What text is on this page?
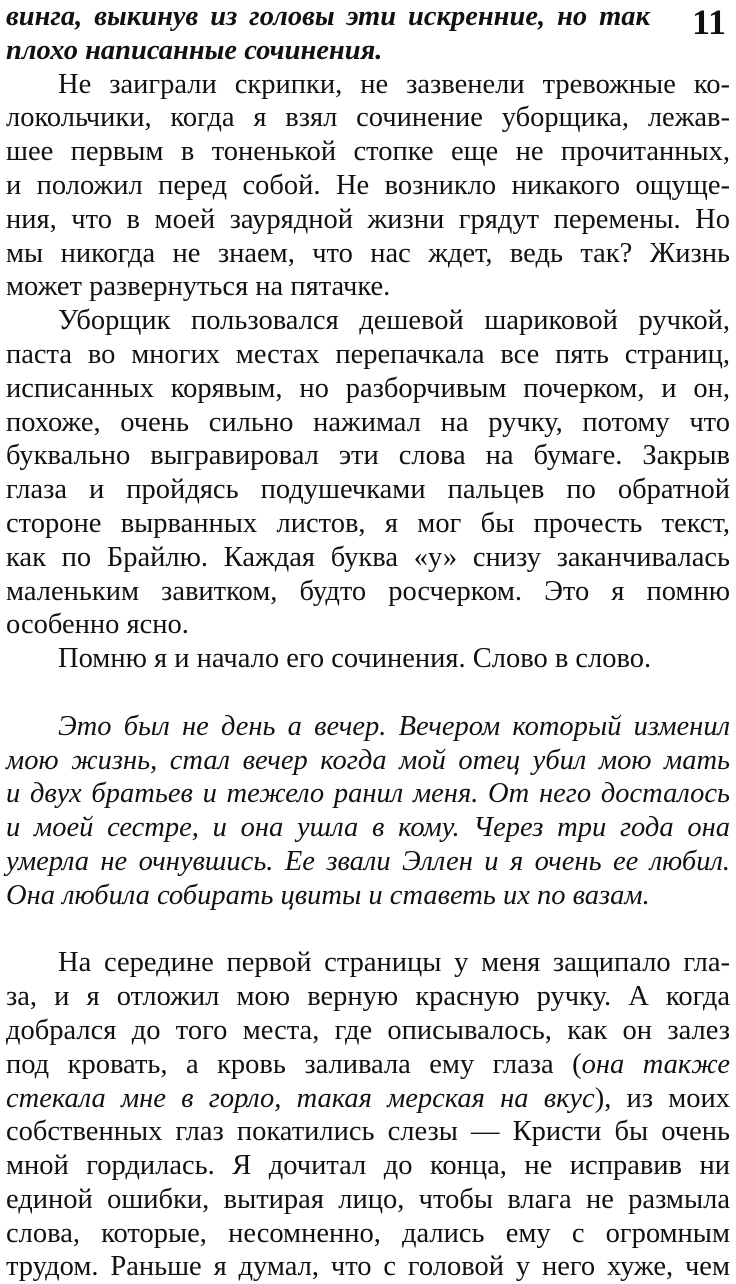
11
винга, выкинув из головы эти искренние, но так
плохо написанные сочинения.
Не заиграли скрипки, не зазвенели тревожные ко-
локольчики, когда я взял сочинение уборщика, лежав-
шее первым в тоненькой стопке еще не прочитанных,
и положил перед собой. Не возникло никакого ощуще-
ния, что в моей заурядной жизни грядут перемены. Но
мы никогда не знаем, что нас ждет, ведь так? Жизнь
может развернуться на пятачке.
Уборщик пользовался дешевой шариковой ручкой,
паста во многих местах перепачкала все пять страниц,
исписанных корявым, но разборчивым почерком, и он,
похоже, очень сильно нажимал на ручку, потому что
буквально выгравировал эти слова на бумаге. Закрыв
глаза и пройдясь подушечками пальцев по обратной
стороне вырванных листов, я мог бы прочесть текст,
как по Брайлю. Каждая буква «у» снизу заканчивалась
маленьким завитком, будто росчерком. Это я помню
особенно ясно.
Помню я и начало его сочинения. Слово в слово.
Это был не день а вечер. Вечером который изменил
мою жизнь, стал вечер когда мой отец убил мою мать
и двух братьев и тежело ранил меня. От него досталось
и моей сестре, и она ушла в кому. Через три года она
умерла не очнувшись. Ее звали Эллен и я очень ее любил.
Она любила собирать цвиты и ставеть их по вазам.
На середине первой страницы у меня защипало гла-
за, и я отложил мою верную красную ручку. А когда
добрался до того места, где описывалось, как он залез
под кровать, а кровь заливала ему глаза (она также
стекала мне в горло, такая мерская на вкус), из моих
собственных глаз покатились слезы — Кристи бы очень
мной гордилась. Я дочитал до конца, не исправив ни
единой ошибки, вытирая лицо, чтобы влага не размыла
слова, которые, несомненно, дались ему с огромным
трудом. Раньше я думал, что с головой у него хуже, чем
